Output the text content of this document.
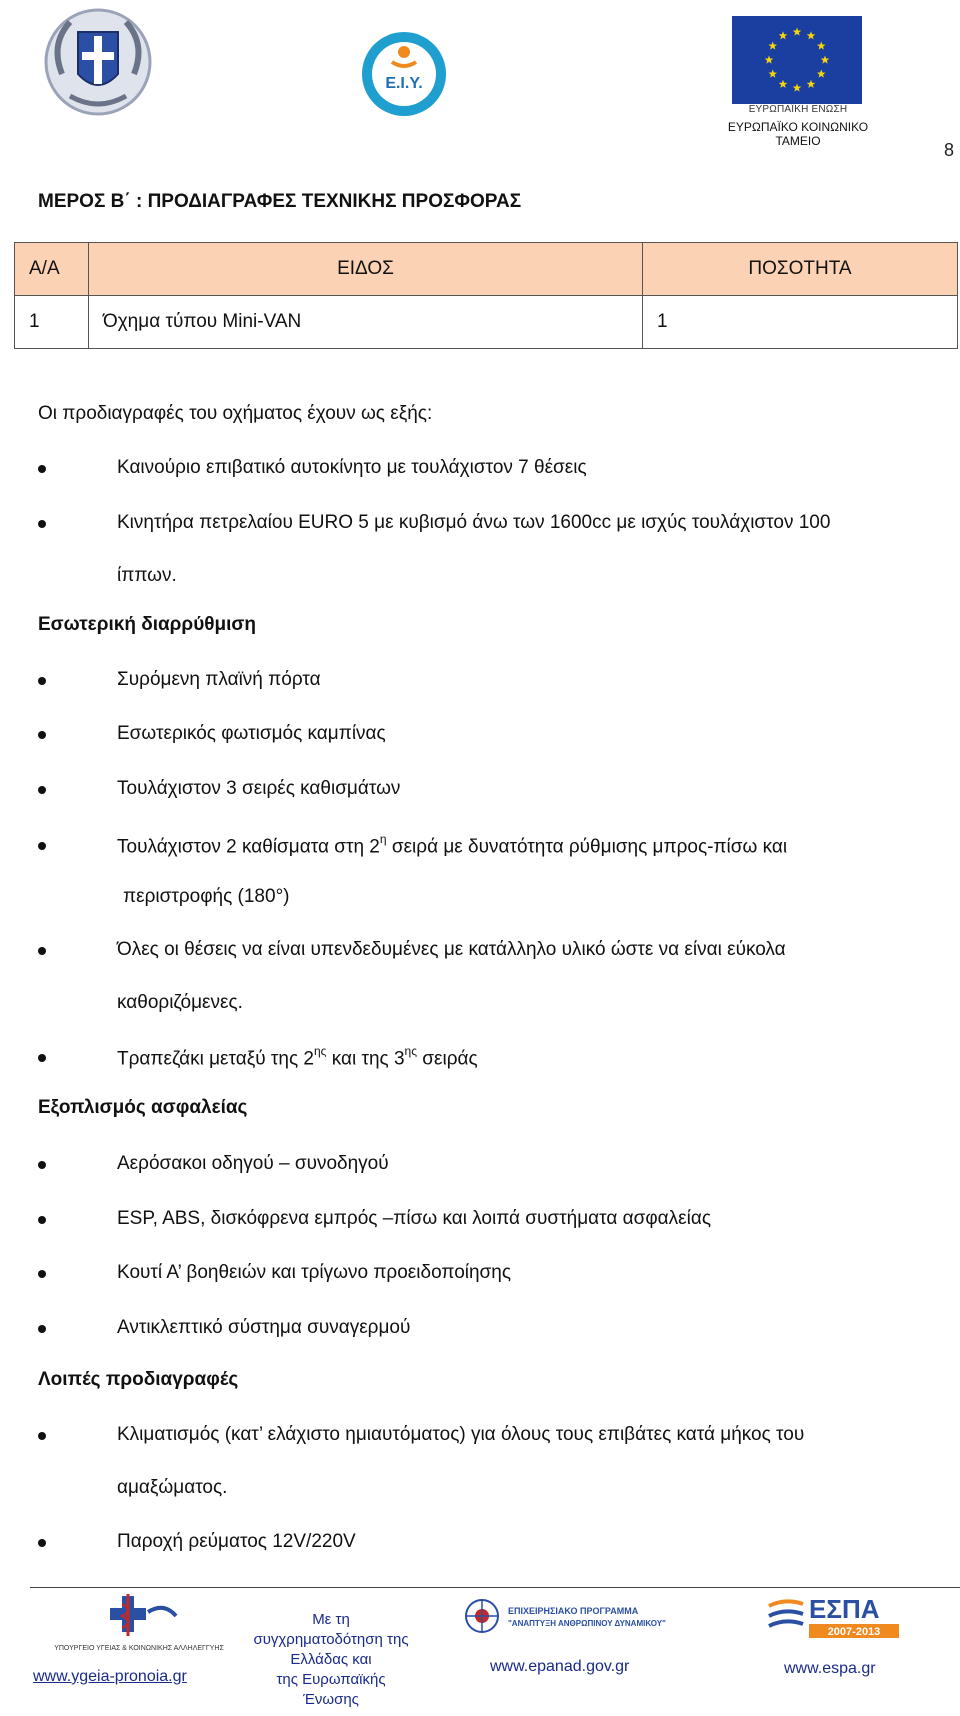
Ε.Ι.Υ.
ΕΥΡΩΠΑΪΚΗ ΕΝΩΣΗ
ΕΥΡΩΠΑΪΚΟ ΚΟΙΝΩΝΙΚΟ ΤΑΜΕΙΟ	8
ΜΕΡΟΣ Β΄ : ΠΡΟΔΙΑΓΡΑΦΕΣ ΤΕΧΝΙΚΗΣ ΠΡΟΣΦΟΡΑΣ
Α/Α	ΕΙΔΟΣ	ΠΟΣΟΤΗΤΑ
1	Όχημα τύπου Mini-VAN	1
Οι προδιαγραφές του οχήματος έχουν ως εξής:
Καινούριο επιβατικό αυτοκίνητο με τουλάχιστον 7 θέσεις
Κινητήρα πετρελαίου EURO 5 με κυβισμό άνω των 1600cc με ισχύς τουλάχιστον 100
ίππων.
Εσωτερική διαρρύθμιση
Συρόμενη πλαϊνή πόρτα
Εσωτερικός φωτισμός καμπίνας
Τουλάχιστον 3 σειρές καθισμάτων
Τουλάχιστον 2 καθίσματα στη $2^\eta$ σειρά με δυνατότητα ρύθμισης μπρος-πίσω και
περιστροφής (180°)
Όλες οι θέσεις να είναι υπενδεδυμένες με κατάλληλο υλικό ώστε να είναι εύκολα
καθοριζόμενες.
Τραπεζάκι μεταξύ της $2^{\eta\varsigma}$ και της $3^{\eta\varsigma}$ σειράς
Εξοπλισμός ασφαλείας
Αερόσακοι οδηγού – συνοδηγού
ESP, ABS, δισκόφρενα εμπρός –πίσω και λοιπά συστήματα ασφαλείας
Κουτί Α’ βοηθειών και τρίγωνο προειδοποίησης
Αντικλεπτικό σύστημα συναγερμού
Λοιπές προδιαγραφές
Κλιματισμός (κατ’ ελάχιστο ημιαυτόματος) για όλους τους επιβάτες κατά μήκος του
αμαξώματος.
Παροχή ρεύματος 12V/220V
ΥΠΟΥΡΓΕΙΟ ΥΓΕΙΑΣ & ΚΟΙΝΩΝΙΚΗΣ ΑΛΛΗΛΕΓΓΥΗΣ
www.ygeia-pronoia.gr
Με τη
συγχρηματοδότηση της
Ελλάδας και
της Ευρωπαϊκής
Ένωσης
ΕΠΙΧΕΙΡΗΣΙΑΚΟ ΠΡΟΓΡΑΜΜΑ
"ΑΝΑΠΤΥΞΗ ΑΝΘΡΩΠΙΝΟΥ ΔΥΝΑΜΙΚΟΥ"
www.epanad.gov.gr
ΕΣΠΑ
2007-2013
www.espa.gr
